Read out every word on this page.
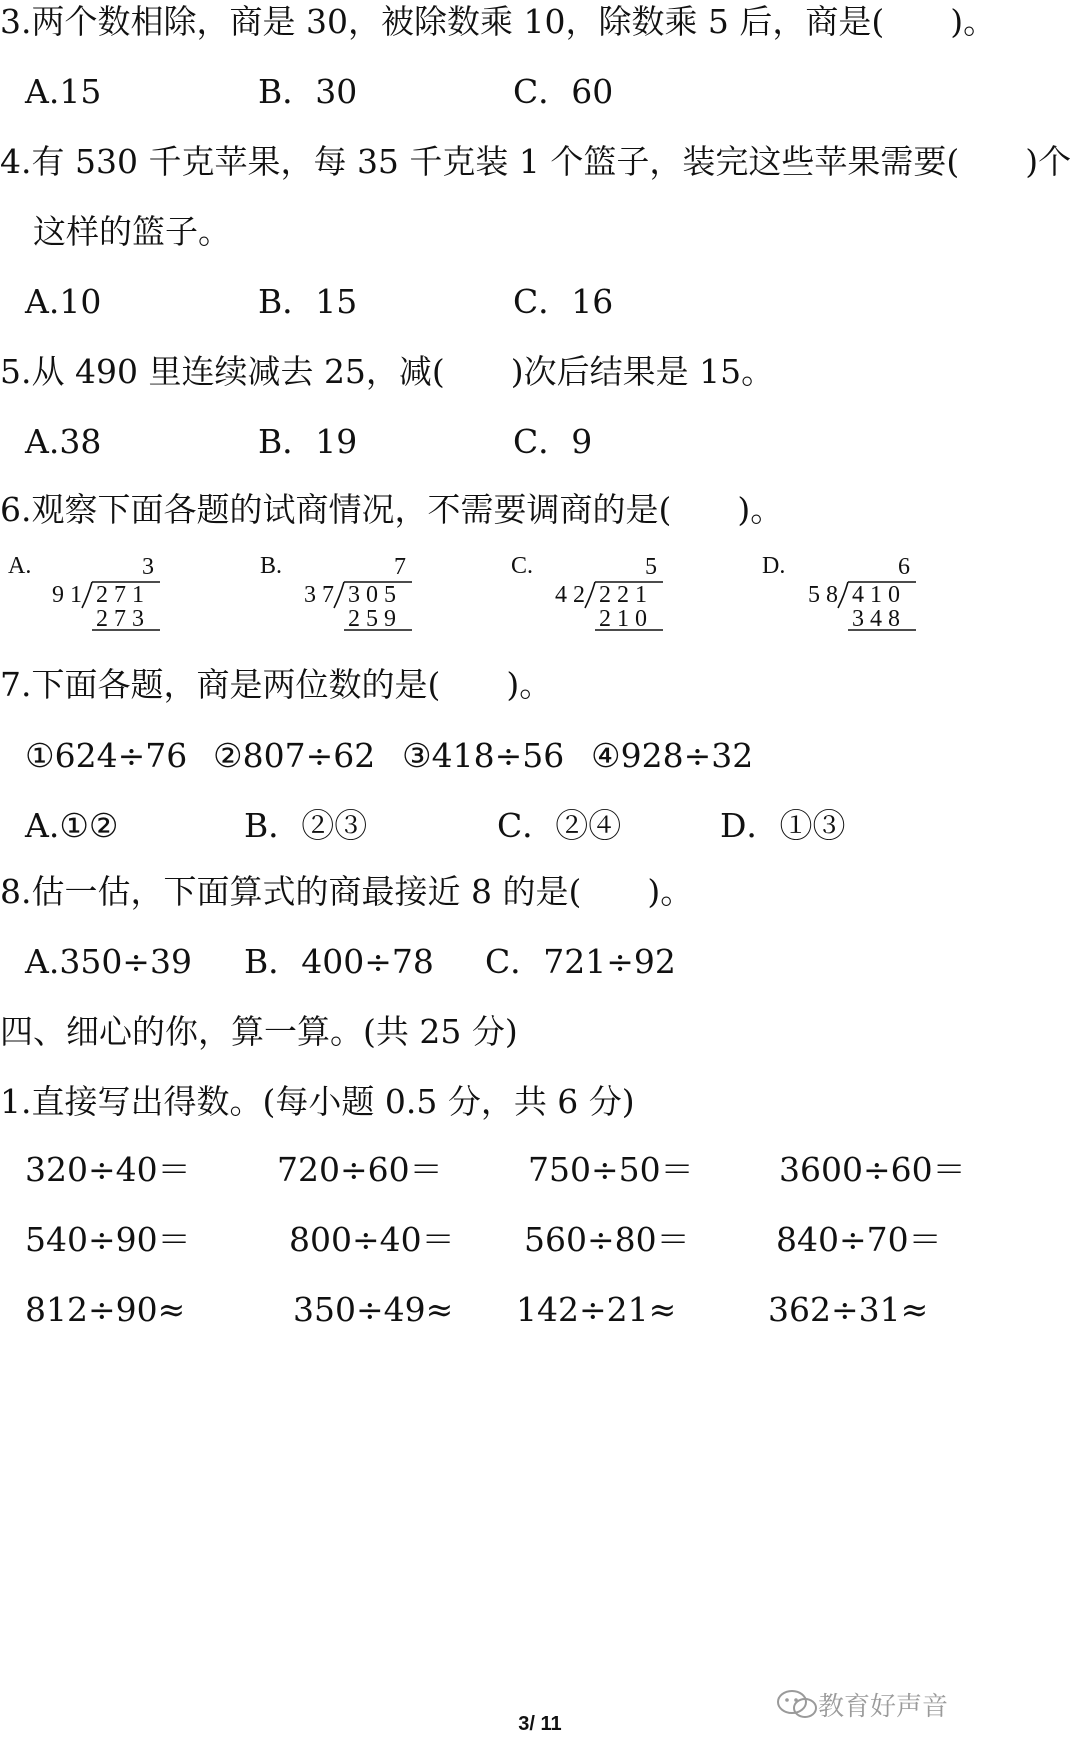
3.两个数相除，商是 30，被除数乘 10，除数乘 5 后，商是(　　)。
A.15	B．30	C．60
4.有 530 千克苹果，每 35 千克装 1 个篮子，装完这些苹果需要(　　)个
这样的篮子。
A.10	B．15	C．16
5.从 490 里连续减去 25，减(　　)次后结果是 15。
A.38	B．19	C．9
6.观察下面各题的试商情况，不需要调商的是(　　)。
A.	3
91 271
273
B.	7
37 305
259
C.	5
42 221
210
D.	6
58 410
348
7.下面各题，商是两位数的是(　　)。
①624÷76 ②807÷62 ③418÷56 ④928÷32
A.①②	B．②③	C．②④	D．①③
8.估一估，下面算式的商最接近 8 的是(　　)。
A.350÷39 B．400÷78 C．721÷92
四、细心的你，算一算。(共 25 分)
1.直接写出得数。(每小题 0.5 分，共 6 分)
320÷40＝	720÷60＝	750÷50＝	3600÷60＝
540÷90＝	800÷40＝ 560÷80＝	840÷70＝
812÷90≈	350÷49≈ 142÷21≈	362÷31≈
教育好声音
3/ 11
